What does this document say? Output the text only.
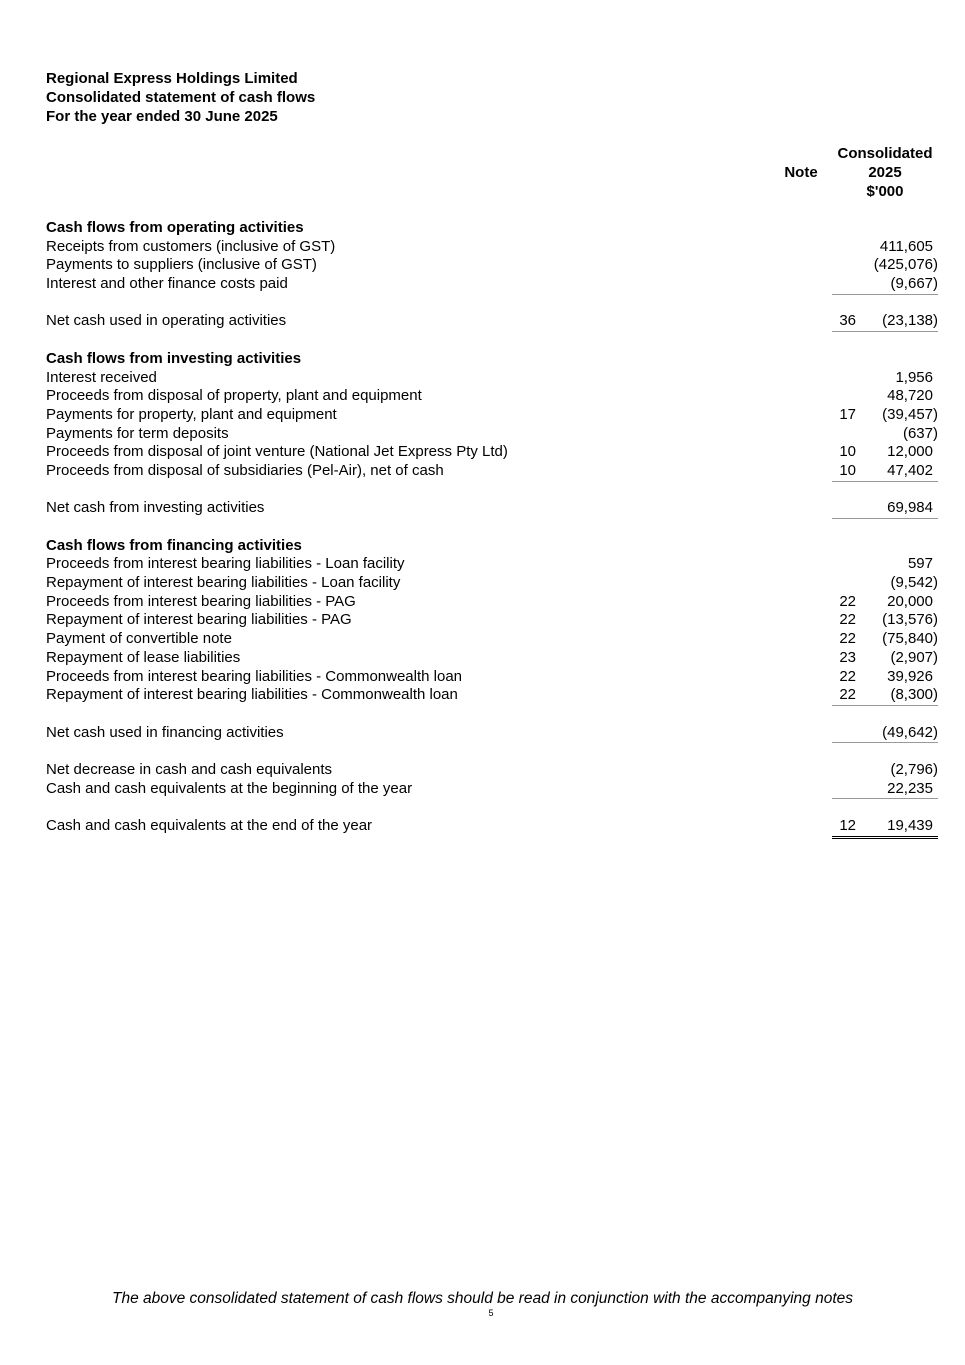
Regional Express Holdings Limited
Consolidated statement of cash flows
For the year ended 30 June 2025
Note
Consolidated
2025
$'000
Cash flows from operating activities
Receipts from customers (inclusive of GST)	411,605
Payments to suppliers (inclusive of GST)	(425,076)
Interest and other finance costs paid	(9,667)
Net cash used in operating activities	36	(23,138)
Cash flows from investing activities
Interest received	1,956
Proceeds from disposal of property, plant and equipment	48,720
Payments for property, plant and equipment	17	(39,457)
Payments for term deposits	(637)
Proceeds from disposal of joint venture (National Jet Express Pty Ltd)	10	12,000
Proceeds from disposal of subsidiaries (Pel-Air), net of cash	10	47,402
Net cash from investing activities	69,984
Cash flows from financing activities
Proceeds from interest bearing liabilities - Loan facility	597
Repayment of interest bearing liabilities - Loan facility	(9,542)
Proceeds from interest bearing liabilities - PAG	22	20,000
Repayment of interest bearing liabilities - PAG	22	(13,576)
Payment of convertible note	22	(75,840)
Repayment of lease liabilities	23	(2,907)
Proceeds from interest bearing liabilities - Commonwealth loan	22	39,926
Repayment of interest bearing liabilities - Commonwealth loan	22	(8,300)
Net cash used in financing activities	(49,642)
Net decrease in cash and cash equivalents	(2,796)
Cash and cash equivalents at the beginning of the year	22,235
Cash and cash equivalents at the end of the year	12	19,439
The above consolidated statement of cash flows should be read in conjunction with the accompanying notes
5
